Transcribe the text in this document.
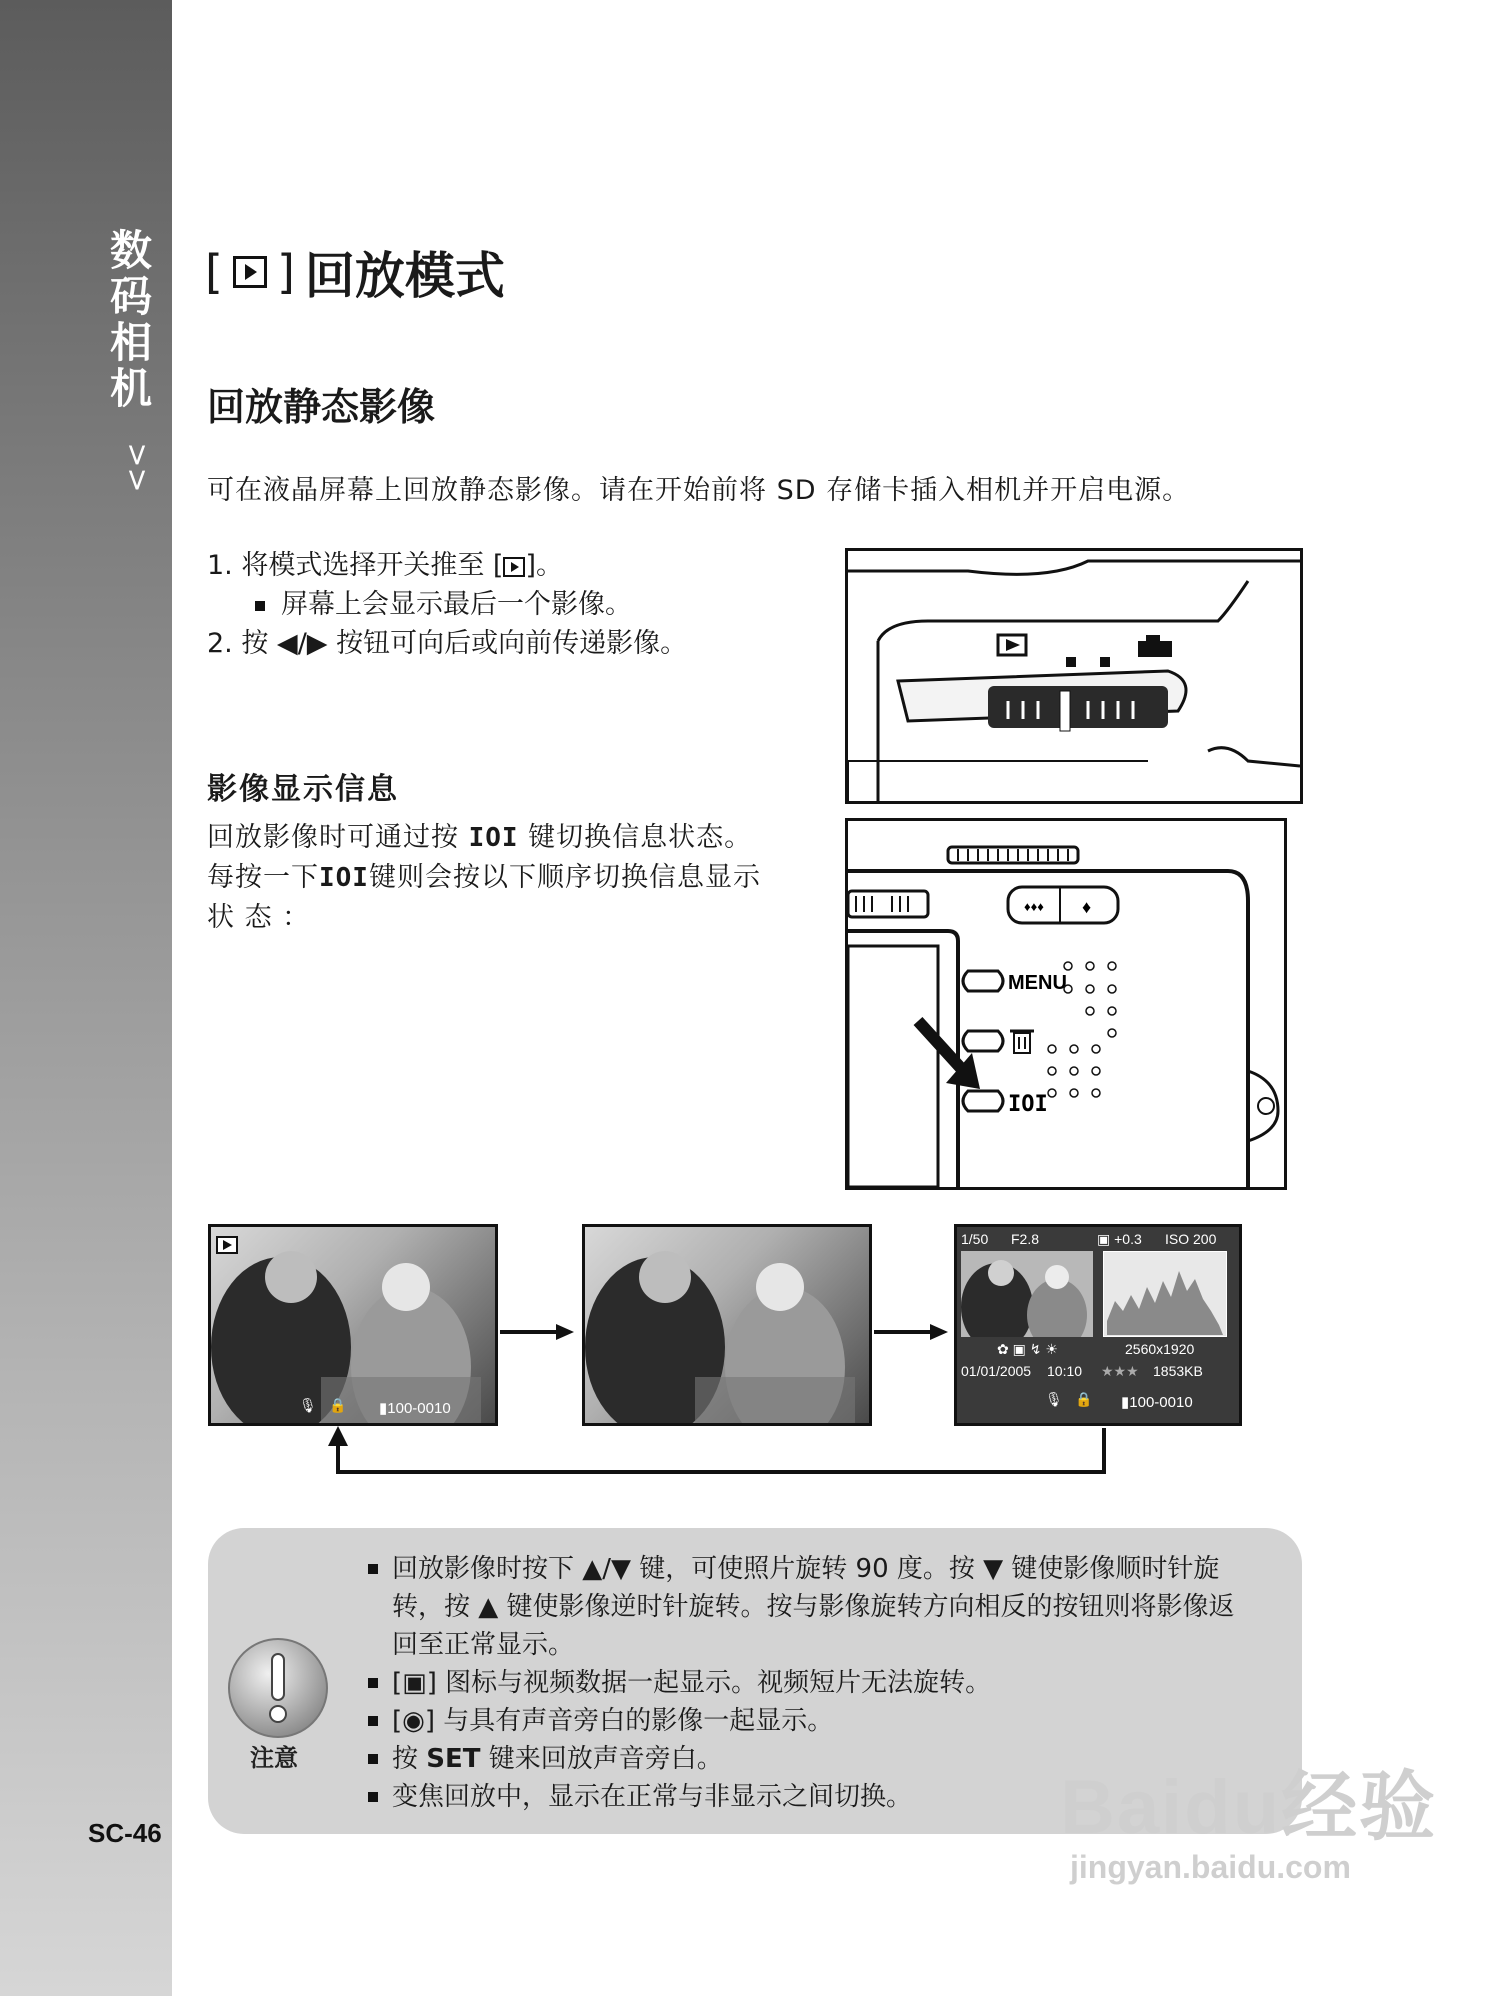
数码相机
>>
SC-46
[ ] 回放模式
回放静态影像
可在液晶屏幕上回放静态影像。请在开始前将 SD 存储卡插入相机并开启电源。
1. 将模式选择开关推至 [ ]。
屏幕上会显示最后一个影像。
2. 按 ◀/▶ 按钮可向后或向前传递影像。
影像显示信息
回放影像时可通过按 IOI 键切换信息状态。
每按一下IOI键则会按以下顺序切换信息显示
状 态 ：	♦♦♦ ♦
MENU
IOI
🎙 🔒 ▮100-0010
1/50 F2.8	▣ +0.3 ISO 200
✿ ▣ ↯ ☀	2560x1920
01/01/2005 10:10 ★★★ 1853KB
🎙 🔒 ▮100-0010
注意
回放影像时按下 ▲/▼ 键，可使照片旋转 90 度。按 ▼ 键使影像顺时针旋
转，按 ▲ 键使影像逆时针旋转。按与影像旋转方向相反的按钮则将影像返
回至正常显示。
[▣] 图标与视频数据一起显示。视频短片无法旋转。
[◉] 与具有声音旁白的影像一起显示。
按 SET 键来回放声音旁白。
变焦回放中，显示在正常与非显示之间切换。 Baidu经验
jingyan.baidu.com
